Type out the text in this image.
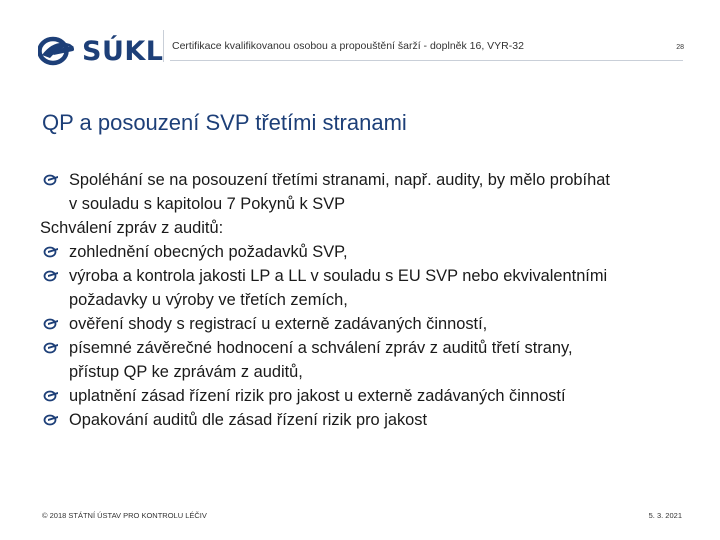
SÚKL Certifikace kvalifikovanou osobou a propouštění šarží - doplněk 16, VYR-32	28
QP a posouzení SVP třetími stranami

Spoléhání se na posouzení třetími stranami, např. audity, by mělo probíhat
v souladu s kapitolou 7 Pokynů k SVP

Schválení zpráv z auditů:

zohlednění obecných požadavků SVP,

výroba a kontrola jakosti LP a LL v souladu s EU SVP nebo ekvivalentními
požadavky u výroby ve třetích zemích,

ověření shody s registrací u externě zadávaných činností,

písemné závěrečné hodnocení a schválení zpráv z auditů třetí strany,
přístup QP ke zprávám z auditů,

uplatnění zásad řízení rizik pro jakost u externě zadávaných činností

Opakování auditů dle zásad řízení rizik pro jakost

© 2018 STÁTNÍ ÚSTAV PRO KONTROLU LÉČIV	5. 3. 2021
